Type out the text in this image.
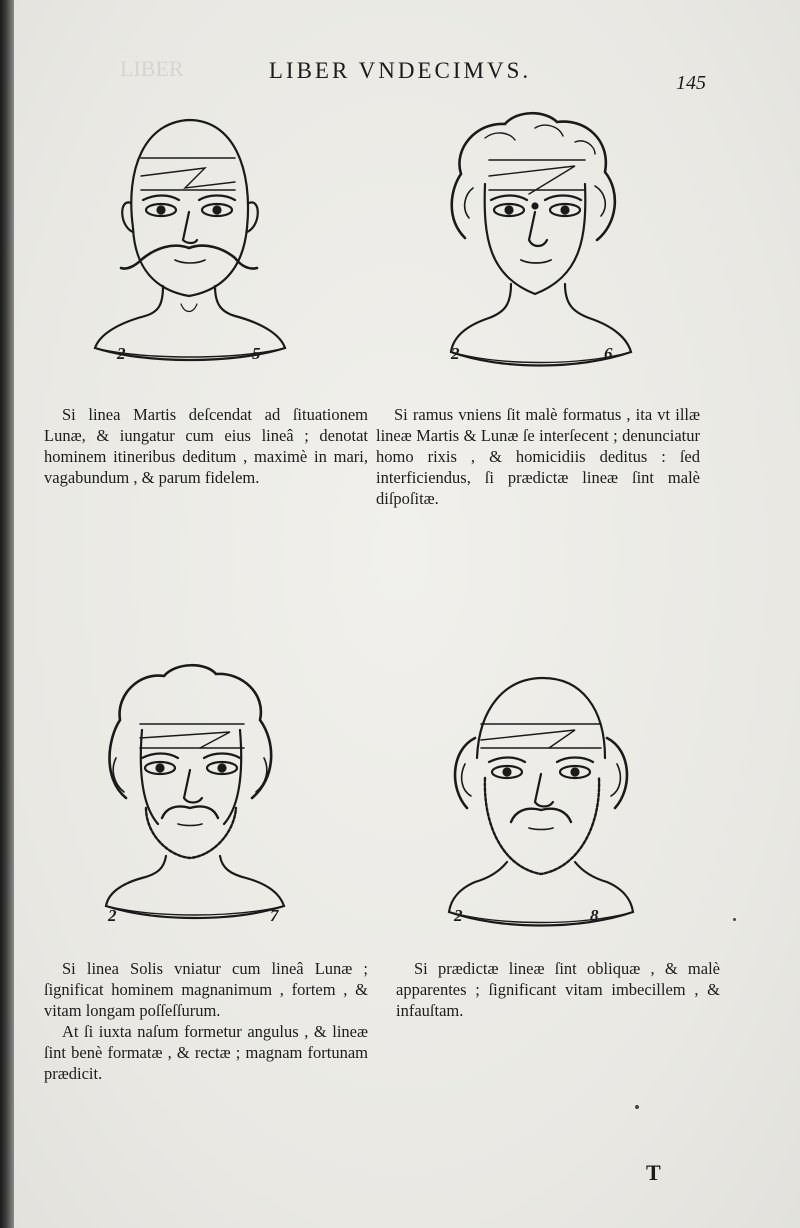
LIBER	LIBER VNDECIMVS.	145
2	5	2	6

Si linea Martis deſcendat ad ſituationem Lunæ, & iungatur cum eius lineâ ; denotat hominem itineribus deditum , maximè in mari, vagabundum , & parum fidelem.

Si ramus vniens ſit malè formatus , ita vt illæ lineæ Martis & Lunæ ſe interſecent ; denunciatur homo rixis , & homicidiis deditus : ſed interficiendus, ſi prædictæ lineæ ſint malè diſpoſitæ.

2	7	2	8

Si linea Solis vniatur cum lineâ Lunæ ; ſignificat hominem magnanimum , fortem , & vitam longam poſſeſſurum.

At ſi iuxta naſum formetur angulus , & lineæ ſint benè formatæ , & rectæ ; magnam fortunam prædicit.

Si prædictæ lineæ ſint obliquæ , & malè apparentes ; ſignificant vitam imbecillem , & infauſtam.

T
